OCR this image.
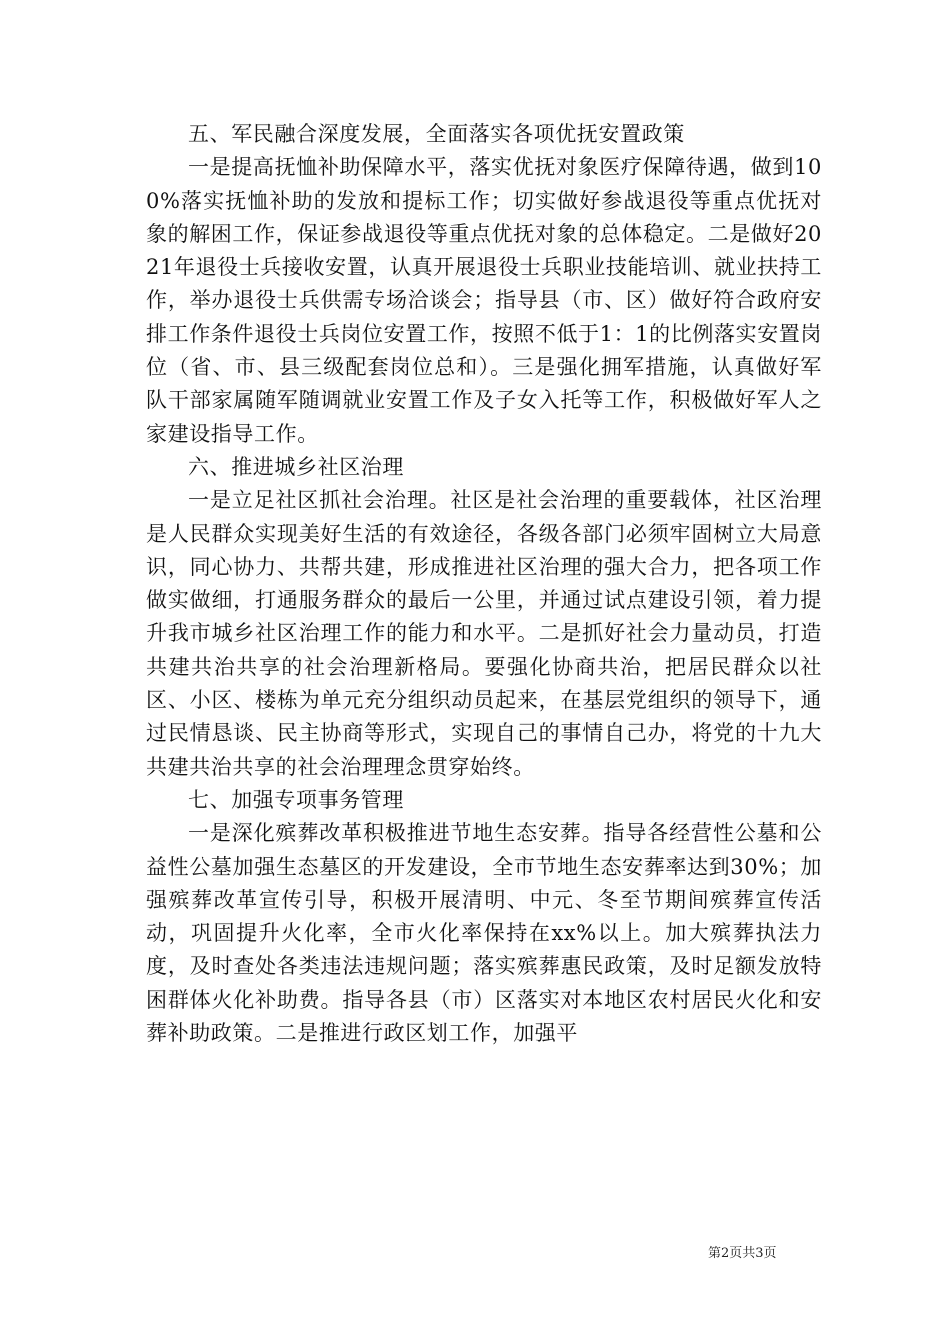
五、军民融合深度发展，全面落实各项优抚安置政策

一是提高抚恤补助保障水平，落实优抚对象医疗保障待遇，做到100%落实抚恤补助的发放和提标工作；切实做好参战退役等重点优抚对象的解困工作，保证参战退役等重点优抚对象的总体稳定。二是做好2021年退役士兵接收安置，认真开展退役士兵职业技能培训、就业扶持工作，举办退役士兵供需专场洽谈会；指导县（市、区）做好符合政府安排工作条件退役士兵岗位安置工作，按照不低于1：1的比例落实安置岗位（省、市、县三级配套岗位总和）。三是强化拥军措施，认真做好军队干部家属随军随调就业安置工作及子女入托等工作，积极做好军人之家建设指导工作。

六、推进城乡社区治理

一是立足社区抓社会治理。社区是社会治理的重要载体，社区治理是人民群众实现美好生活的有效途径，各级各部门必须牢固树立大局意识，同心协力、共帮共建，形成推进社区治理的强大合力，把各项工作做实做细，打通服务群众的最后一公里，并通过试点建设引领，着力提升我市城乡社区治理工作的能力和水平。二是抓好社会力量动员，打造共建共治共享的社会治理新格局。要强化协商共治，把居民群众以社区、小区、楼栋为单元充分组织动员起来，在基层党组织的领导下，通过民情恳谈、民主协商等形式，实现自己的事情自己办，将党的十九大共建共治共享的社会治理理念贯穿始终。

七、加强专项事务管理

一是深化殡葬改革积极推进节地生态安葬。指导各经营性公墓和公益性公墓加强生态墓区的开发建设，全市节地生态安葬率达到30%；加强殡葬改革宣传引导，积极开展清明、中元、冬至节期间殡葬宣传活动，巩固提升火化率，全市火化率保持在xx%以上。加大殡葬执法力度，及时查处各类违法违规问题；落实殡葬惠民政策，及时足额发放特困群体火化补助费。指导各县（市）区落实对本地区农村居民火化和安葬补助政策。二是推进行政区划工作，加强平

第2页共3页
